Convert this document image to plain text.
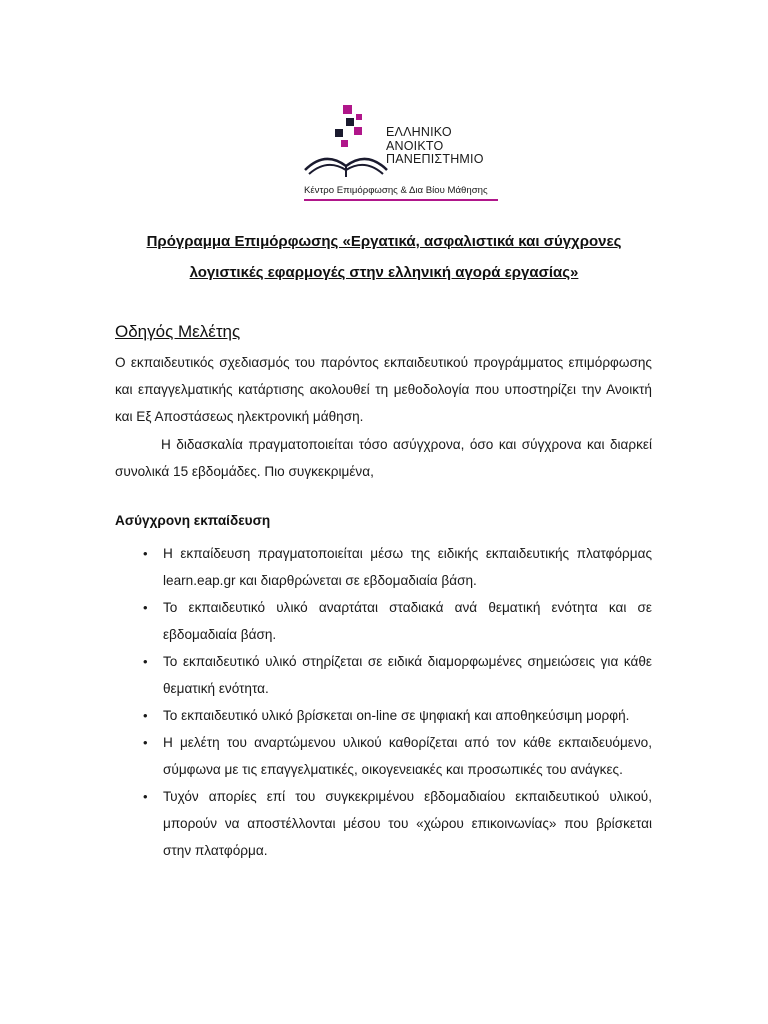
ΕΛΛΗΝΙΚΟ
ΑΝΟΙΚΤΟ
ΠΑΝΕΠΙΣΤΗΜΙΟ
Κέντρο Επιμόρφωσης & Δια Βίου Μάθησης
Πρόγραμμα Επιμόρφωσης «Εργατικά, ασφαλιστικά και σύγχρονες
λογιστικές εφαρμογές στην ελληνική αγορά εργασίας»
Οδηγός Μελέτης
Ο εκπαιδευτικός σχεδιασμός του παρόντος εκπαιδευτικού προγράμματος επιμόρφωσης και επαγγελματικής κατάρτισης ακολουθεί τη μεθοδολογία που υποστηρίζει την Ανοικτή και Εξ Αποστάσεως ηλεκτρονική μάθηση.
Η διδασκαλία πραγματοποιείται τόσο ασύγχρονα, όσο και σύγχρονα και διαρκεί συνολικά 15 εβδομάδες. Πιο συγκεκριμένα,
Ασύγχρονη εκπαίδευση
• Η εκπαίδευση πραγματοποιείται μέσω της ειδικής εκπαιδευτικής πλατφόρμας learn.eap.gr και διαρθρώνεται σε εβδομαδιαία βάση.
• Το εκπαιδευτικό υλικό αναρτάται σταδιακά ανά θεματική ενότητα και σε εβδομαδιαία βάση.
• Το εκπαιδευτικό υλικό στηρίζεται σε ειδικά διαμορφωμένες σημειώσεις για κάθε θεματική ενότητα.
• Το εκπαιδευτικό υλικό βρίσκεται on-line σε ψηφιακή και αποθηκεύσιμη μορφή.
• Η μελέτη του αναρτώμενου υλικού καθορίζεται από τον κάθε εκπαιδευόμενο, σύμφωνα με τις επαγγελματικές, οικογενειακές και προσωπικές του ανάγκες.
• Τυχόν απορίες επί του συγκεκριμένου εβδομαδιαίου εκπαιδευτικού υλικού, μπορούν να αποστέλλονται μέσου του «χώρου επικοινωνίας» που βρίσκεται στην πλατφόρμα.
